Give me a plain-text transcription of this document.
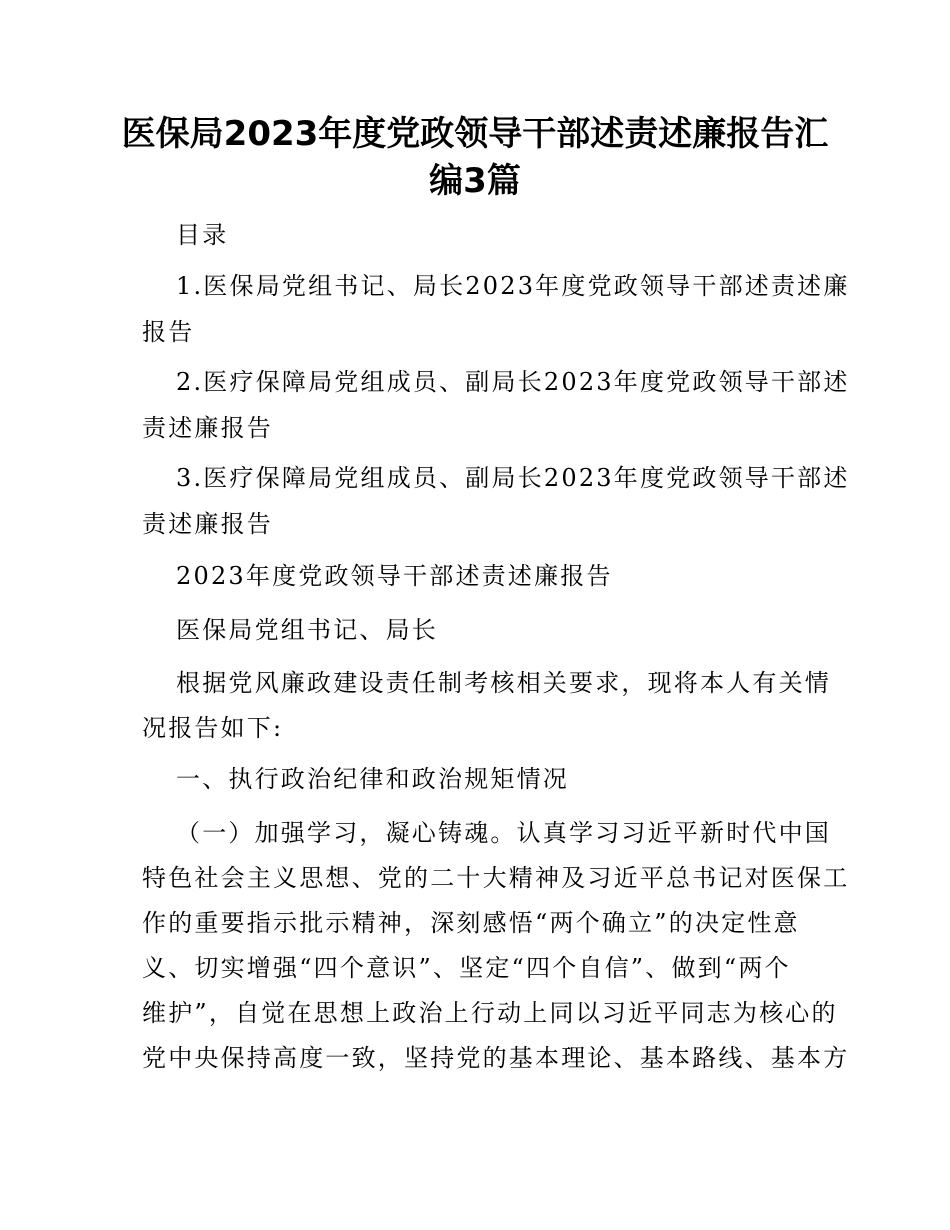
医保局2023年度党政领导干部述责述廉报告汇
编3篇
目录
1.医保局党组书记、局长2023年度党政领导干部述责述廉
报告
2.医疗保障局党组成员、副局长2023年度党政领导干部述
责述廉报告
3.医疗保障局党组成员、副局长2023年度党政领导干部述
责述廉报告
2023年度党政领导干部述责述廉报告
医保局党组书记、局长
根据党风廉政建设责任制考核相关要求，现将本人有关情
况报告如下:
一、执行政治纪律和政治规矩情况
（一）加强学习，凝心铸魂。认真学习习近平新时代中国
特色社会主义思想、党的二十大精神及习近平总书记对医保工
作的重要指示批示精神，深刻感悟“两个确立”的决定性意
义、切实增强“四个意识”、坚定“四个自信”、做到“两个
维护”，自觉在思想上政治上行动上同以习近平同志为核心的
党中央保持高度一致，坚持党的基本理论、基本路线、基本方
